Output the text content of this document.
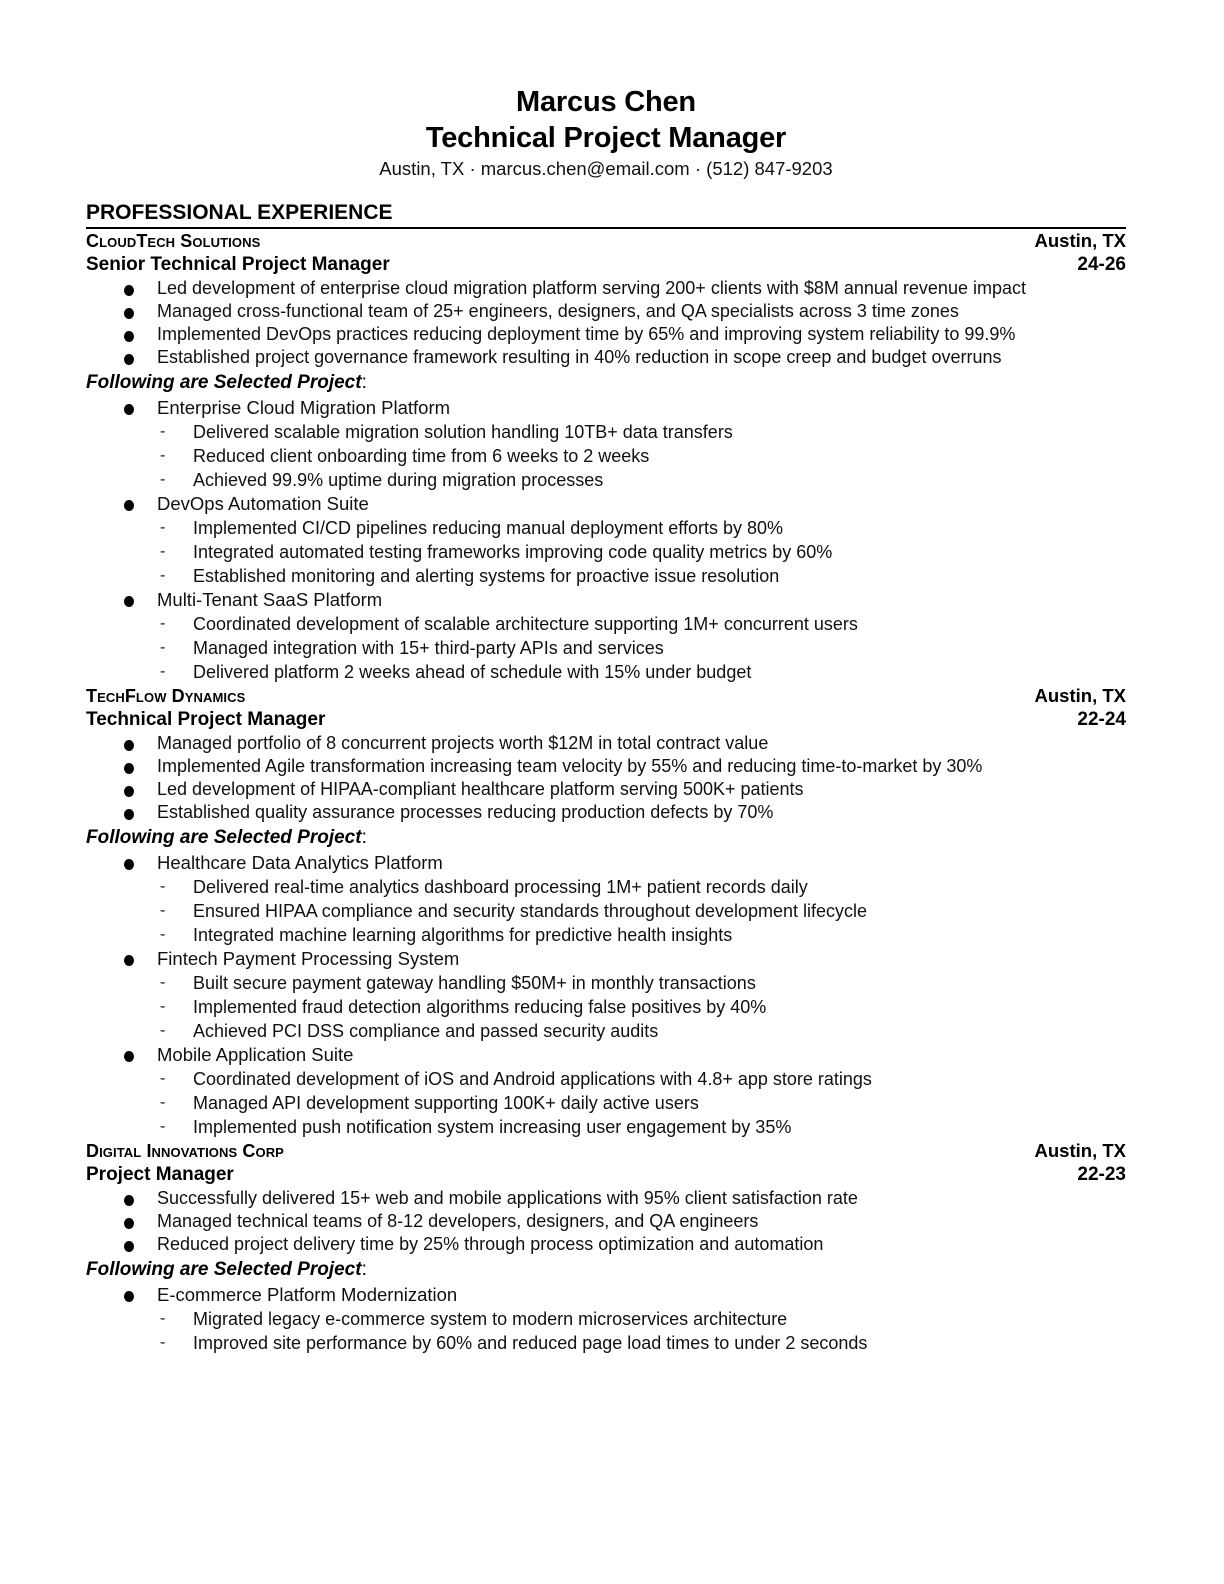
Marcus Chen
Technical Project Manager
Austin, TX · marcus.chen@email.com · (512) 847-9203
PROFESSIONAL EXPERIENCE
CloudTech Solutions	Austin, TX
Senior Technical Project Manager	24-26
Led development of enterprise cloud migration platform serving 200+ clients with $8M annual revenue impact
Managed cross-functional team of 25+ engineers, designers, and QA specialists across 3 time zones
Implemented DevOps practices reducing deployment time by 65% and improving system reliability to 99.9%
Established project governance framework resulting in 40% reduction in scope creep and budget overruns
Following are Selected Project:
Enterprise Cloud Migration Platform
- Delivered scalable migration solution handling 10TB+ data transfers
- Reduced client onboarding time from 6 weeks to 2 weeks
- Achieved 99.9% uptime during migration processes
DevOps Automation Suite
- Implemented CI/CD pipelines reducing manual deployment efforts by 80%
- Integrated automated testing frameworks improving code quality metrics by 60%
- Established monitoring and alerting systems for proactive issue resolution
Multi-Tenant SaaS Platform
- Coordinated development of scalable architecture supporting 1M+ concurrent users
- Managed integration with 15+ third-party APIs and services
- Delivered platform 2 weeks ahead of schedule with 15% under budget
TechFlow Dynamics	Austin, TX
Technical Project Manager	22-24
Managed portfolio of 8 concurrent projects worth $12M in total contract value
Implemented Agile transformation increasing team velocity by 55% and reducing time-to-market by 30%
Led development of HIPAA-compliant healthcare platform serving 500K+ patients
Established quality assurance processes reducing production defects by 70%
Following are Selected Project:
Healthcare Data Analytics Platform
- Delivered real-time analytics dashboard processing 1M+ patient records daily
- Ensured HIPAA compliance and security standards throughout development lifecycle
- Integrated machine learning algorithms for predictive health insights
Fintech Payment Processing System
- Built secure payment gateway handling $50M+ in monthly transactions
- Implemented fraud detection algorithms reducing false positives by 40%
- Achieved PCI DSS compliance and passed security audits
Mobile Application Suite
- Coordinated development of iOS and Android applications with 4.8+ app store ratings
- Managed API development supporting 100K+ daily active users
- Implemented push notification system increasing user engagement by 35%
Digital Innovations Corp	Austin, TX
Project Manager	22-23
Successfully delivered 15+ web and mobile applications with 95% client satisfaction rate
Managed technical teams of 8-12 developers, designers, and QA engineers
Reduced project delivery time by 25% through process optimization and automation
Following are Selected Project:
E-commerce Platform Modernization
- Migrated legacy e-commerce system to modern microservices architecture
- Improved site performance by 60% and reduced page load times to under 2 seconds
